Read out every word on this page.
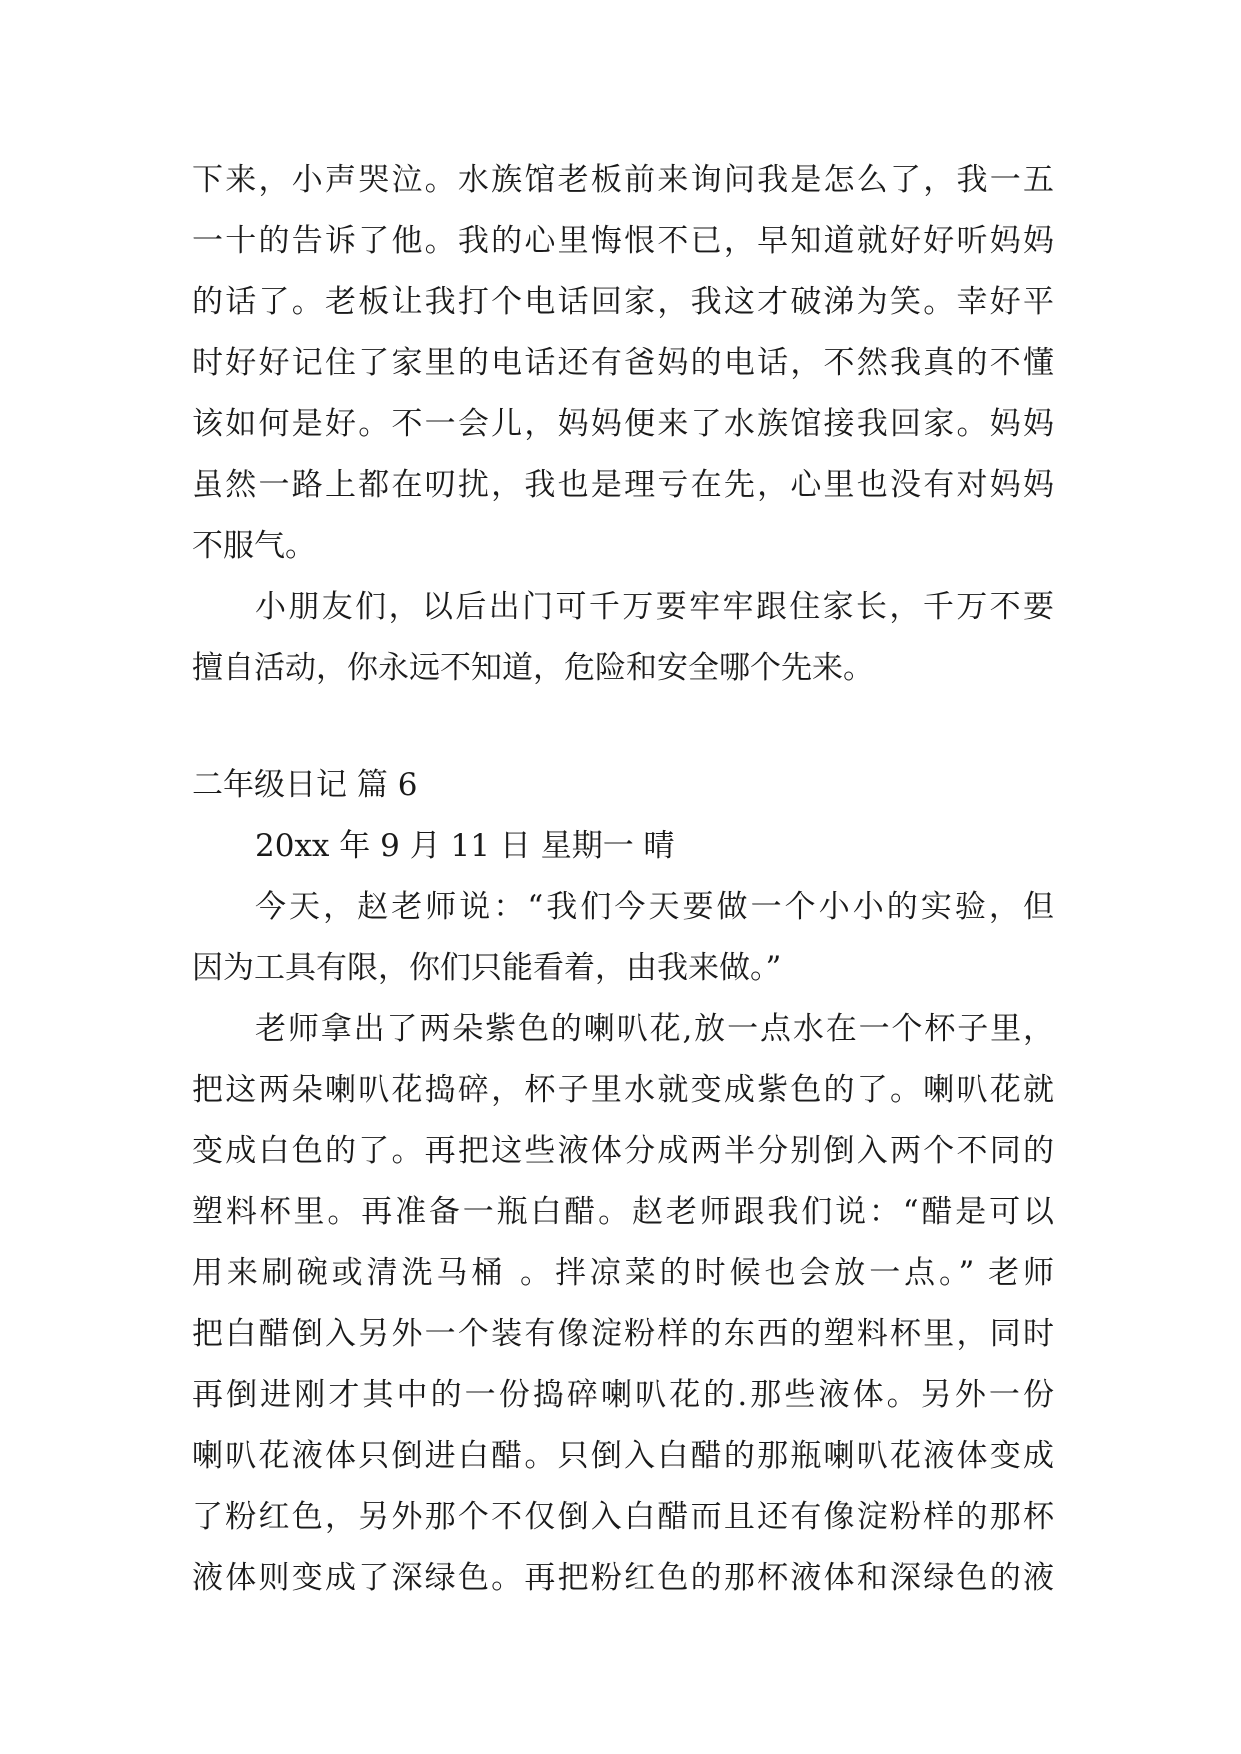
下来，小声哭泣。水族馆老板前来询问我是怎么了，我一五
一十的告诉了他。我的心里悔恨不已，早知道就好好听妈妈
的话了。老板让我打个电话回家，我这才破涕为笑。幸好平
时好好记住了家里的电话还有爸妈的电话，不然我真的不懂
该如何是好。不一会儿，妈妈便来了水族馆接我回家。妈妈
虽然一路上都在叨扰，我也是理亏在先，心里也没有对妈妈
不服气。
小朋友们，以后出门可千万要牢牢跟住家长，千万不要
擅自活动，你永远不知道，危险和安全哪个先来。
二年级日记 篇 6
20xx 年 9 月 11 日 星期一 晴
今天，赵老师说：“我们今天要做一个小小的实验，但
因为工具有限，你们只能看着，由我来做。”
老师拿出了两朵紫色的喇叭花,放一点水在一个杯子里，
把这两朵喇叭花捣碎，杯子里水就变成紫色的了。喇叭花就
变成白色的了。再把这些液体分成两半分别倒入两个不同的
塑料杯里。再准备一瓶白醋。赵老师跟我们说：“醋是可以
用来刷碗或清洗马桶 。拌凉菜的时候也会放一点。” 老师
把白醋倒入另外一个装有像淀粉样的东西的塑料杯里，同时
再倒进刚才其中的一份捣碎喇叭花的.那些液体。另外一份
喇叭花液体只倒进白醋。只倒入白醋的那瓶喇叭花液体变成
了粉红色，另外那个不仅倒入白醋而且还有像淀粉样的那杯
液体则变成了深绿色。再把粉红色的那杯液体和深绿色的液
